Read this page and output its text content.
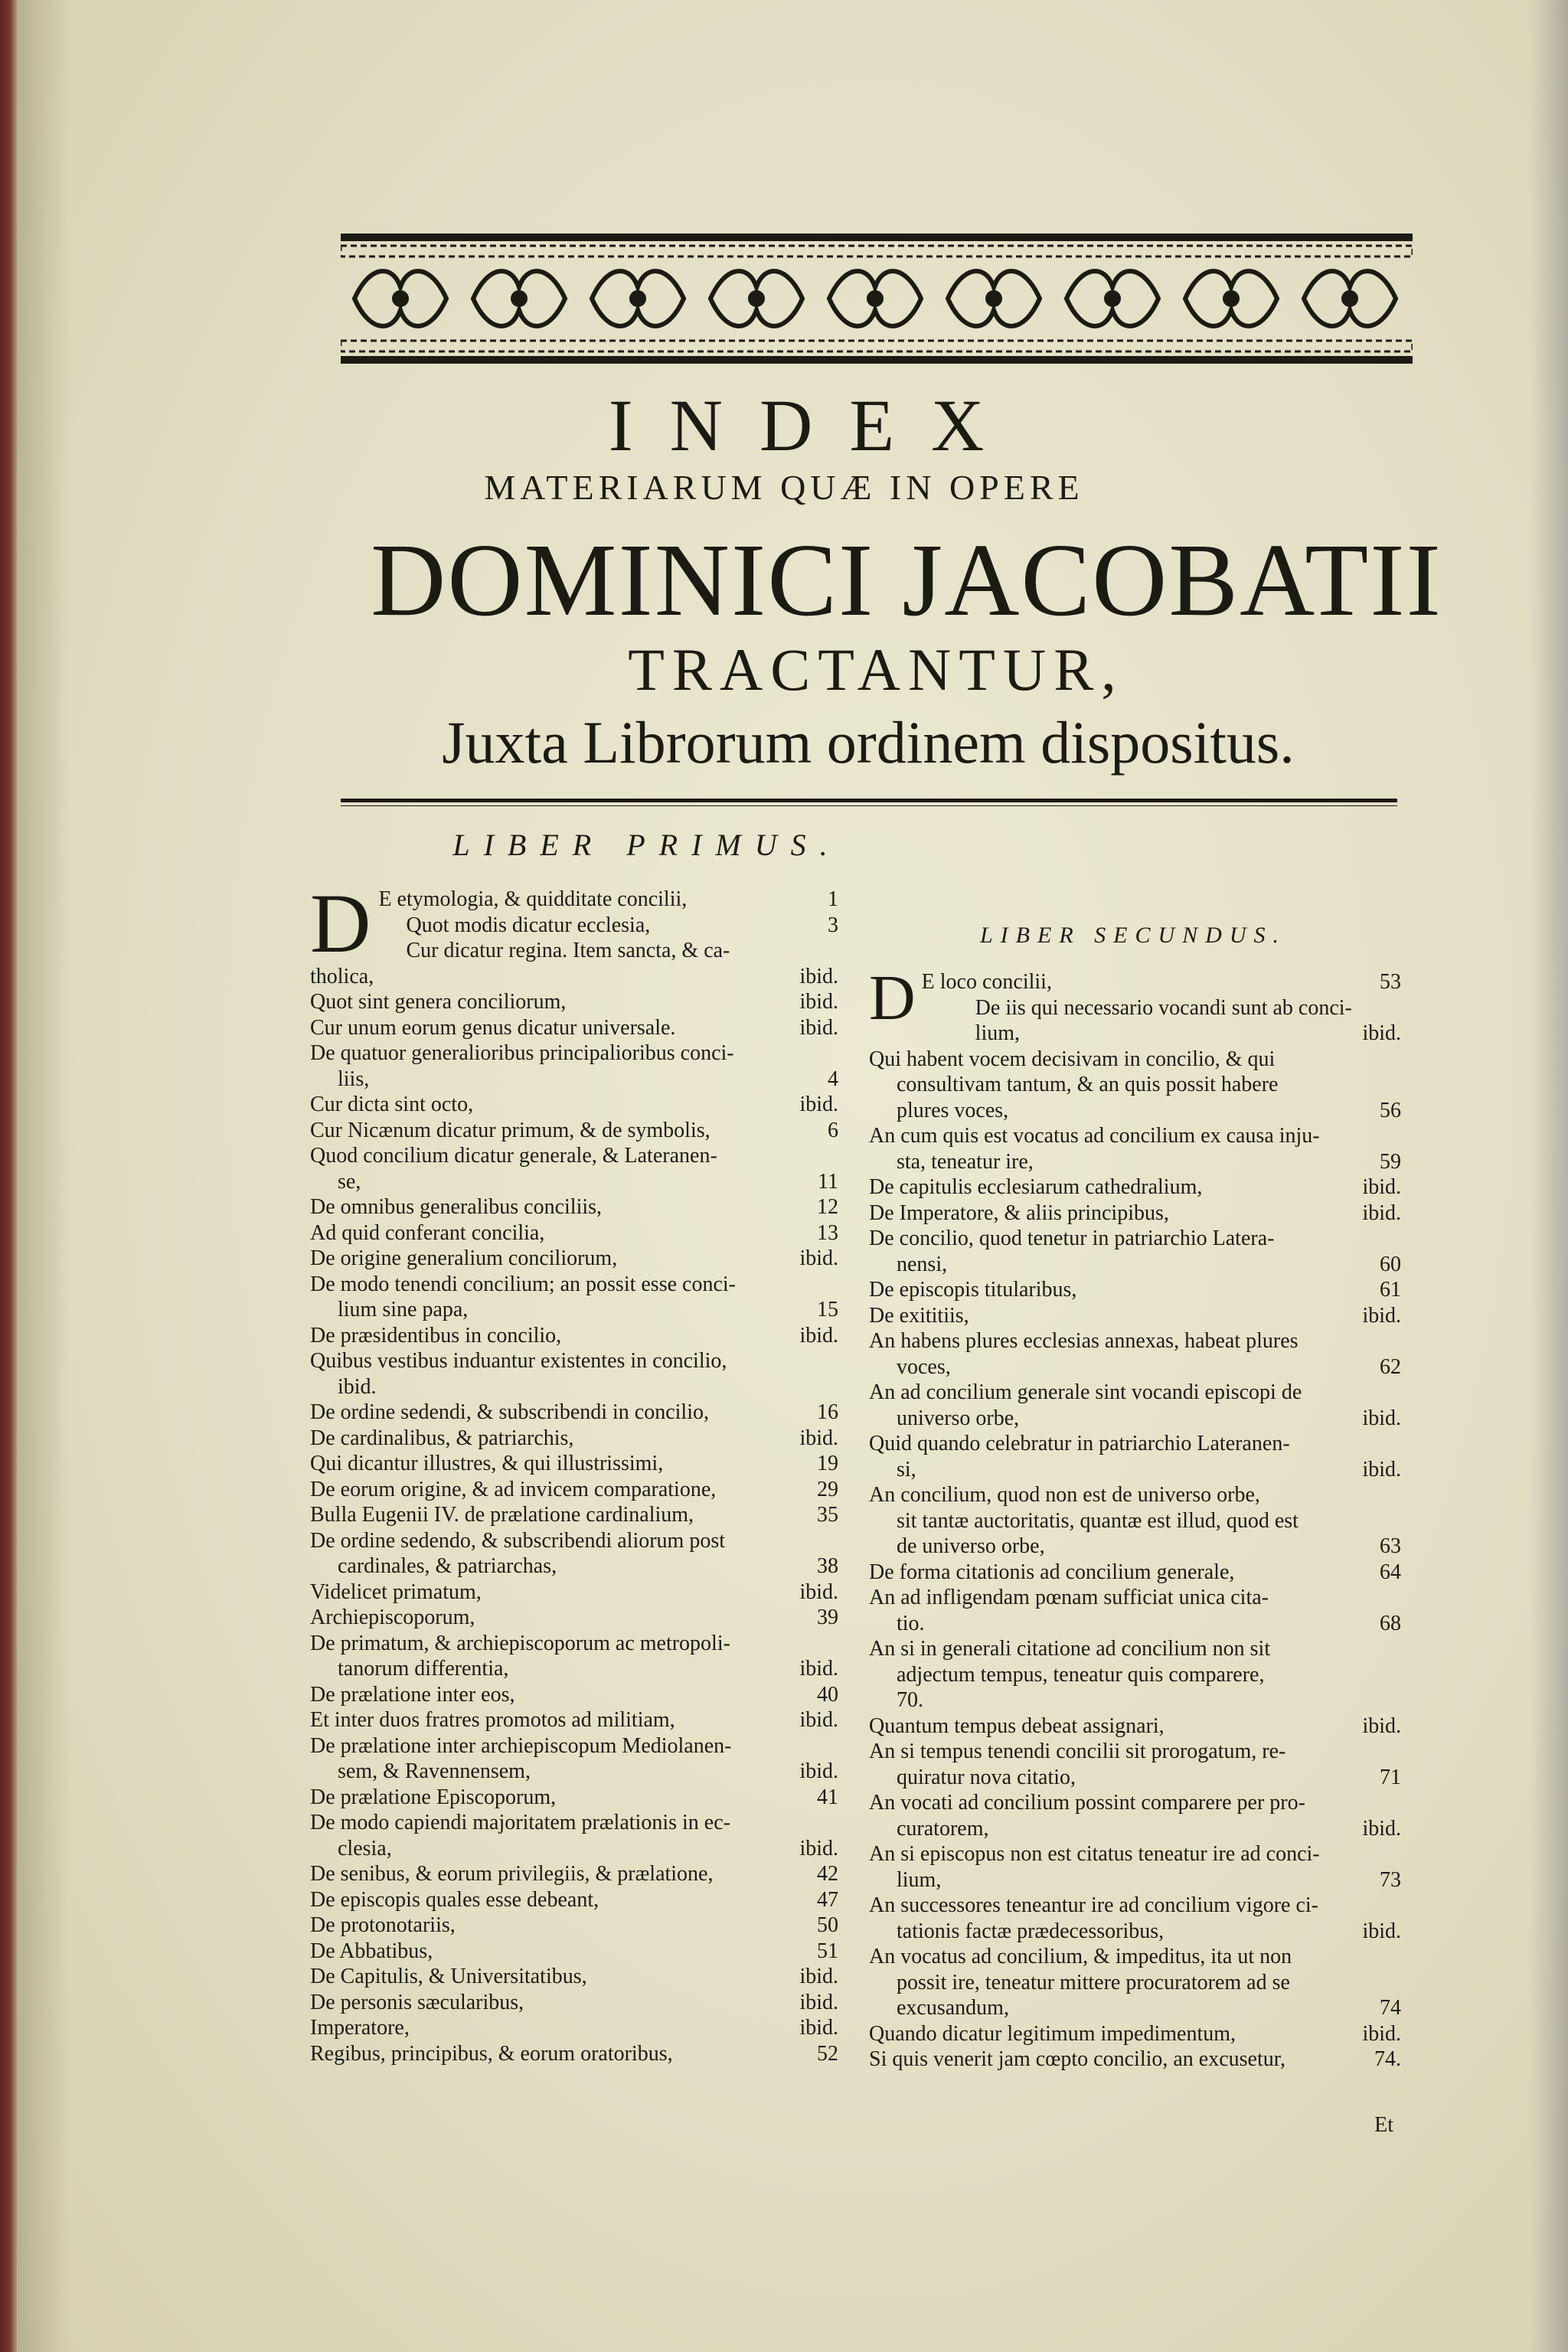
INDEX
MATERIARUM QUÆ IN OPERE
DOMINICI JACOBATII
TRACTANTUR,
Juxta Librorum ordinem dispositus.
LIBER PRIMUS.
D E etymologia, & quidditate concilii,	1
Quot modis dicatur ecclesia,	3
Cur dicatur regina. Item sancta, & ca-
tholica,	ibid.
Quot sint genera conciliorum,	ibid.
Cur unum eorum genus dicatur universale.	ibid.
De quatuor generalioribus principalioribus conci-
liis,	4
Cur dicta sint octo,	ibid.
Cur Nicænum dicatur primum, & de symbolis,	6
Quod concilium dicatur generale, & Lateranen-
se,	11
De omnibus generalibus conciliis,	12
Ad quid conferant concilia,	13
De origine generalium conciliorum,	ibid.
De modo tenendi concilium; an possit esse conci-
lium sine papa,	15
De præsidentibus in concilio,	ibid.
Quibus vestibus induantur existentes in concilio,
ibid.
De ordine sedendi, & subscribendi in concilio,	16
De cardinalibus, & patriarchis,	ibid.
Qui dicantur illustres, & qui illustrissimi,	19
De eorum origine, & ad invicem comparatione,	29
Bulla Eugenii IV. de prælatione cardinalium,	35
De ordine sedendo, & subscribendi aliorum post
cardinales, & patriarchas,	38
Videlicet primatum,	ibid.
Archiepiscoporum,	39
De primatum, & archiepiscoporum ac metropoli-
tanorum differentia,	ibid.
De prælatione inter eos,	40
Et inter duos fratres promotos ad militiam,	ibid.
De prælatione inter archiepiscopum Mediolanen-
sem, & Ravennensem,	ibid.
De prælatione Episcoporum,	41
De modo capiendi majoritatem prælationis in ec-
clesia,	ibid.
De senibus, & eorum privilegiis, & prælatione,	42
De episcopis quales esse debeant,	47
De protonotariis,	50
De Abbatibus,	51
De Capitulis, & Universitatibus,	ibid.
De personis sæcularibus,	ibid.
Imperatore,	ibid.
Regibus, principibus, & eorum oratoribus,	52
LIBER SECUNDUS.
D E loco concilii,	53
De iis qui necessario vocandi sunt ab conci-
lium,	ibid.
Qui habent vocem decisivam in concilio, & qui
consultivam tantum, & an quis possit habere
plures voces,	56
An cum quis est vocatus ad concilium ex causa inju-
sta, teneatur ire,	59
De capitulis ecclesiarum cathedralium,	ibid.
De Imperatore, & aliis principibus,	ibid.
De concilio, quod tenetur in patriarchio Latera-
nensi,	60
De episcopis titularibus,	61
De exititiis,	ibid.
An habens plures ecclesias annexas, habeat plures
voces,	62
An ad concilium generale sint vocandi episcopi de
universo orbe,	ibid.
Quid quando celebratur in patriarchio Lateranen-
si,	ibid.
An concilium, quod non est de universo orbe,
sit tantæ auctoritatis, quantæ est illud, quod est
de universo orbe,	63
De forma citationis ad concilium generale,	64
An ad infligendam pœnam sufficiat unica cita-
tio.	68
An si in generali citatione ad concilium non sit
adjectum tempus, teneatur quis comparere,
70.
Quantum tempus debeat assignari,	ibid.
An si tempus tenendi concilii sit prorogatum, re-
quiratur nova citatio,	71
An vocati ad concilium possint comparere per pro-
curatorem,	ibid.
An si episcopus non est citatus teneatur ire ad conci-
lium,	73
An successores teneantur ire ad concilium vigore ci-
tationis factæ prædecessoribus,	ibid.
An vocatus ad concilium, & impeditus, ita ut non
possit ire, teneatur mittere procuratorem ad se
excusandum,	74
Quando dicatur legitimum impedimentum,	ibid.
Si quis venerit jam cœpto concilio, an excusetur,	74.
Et
